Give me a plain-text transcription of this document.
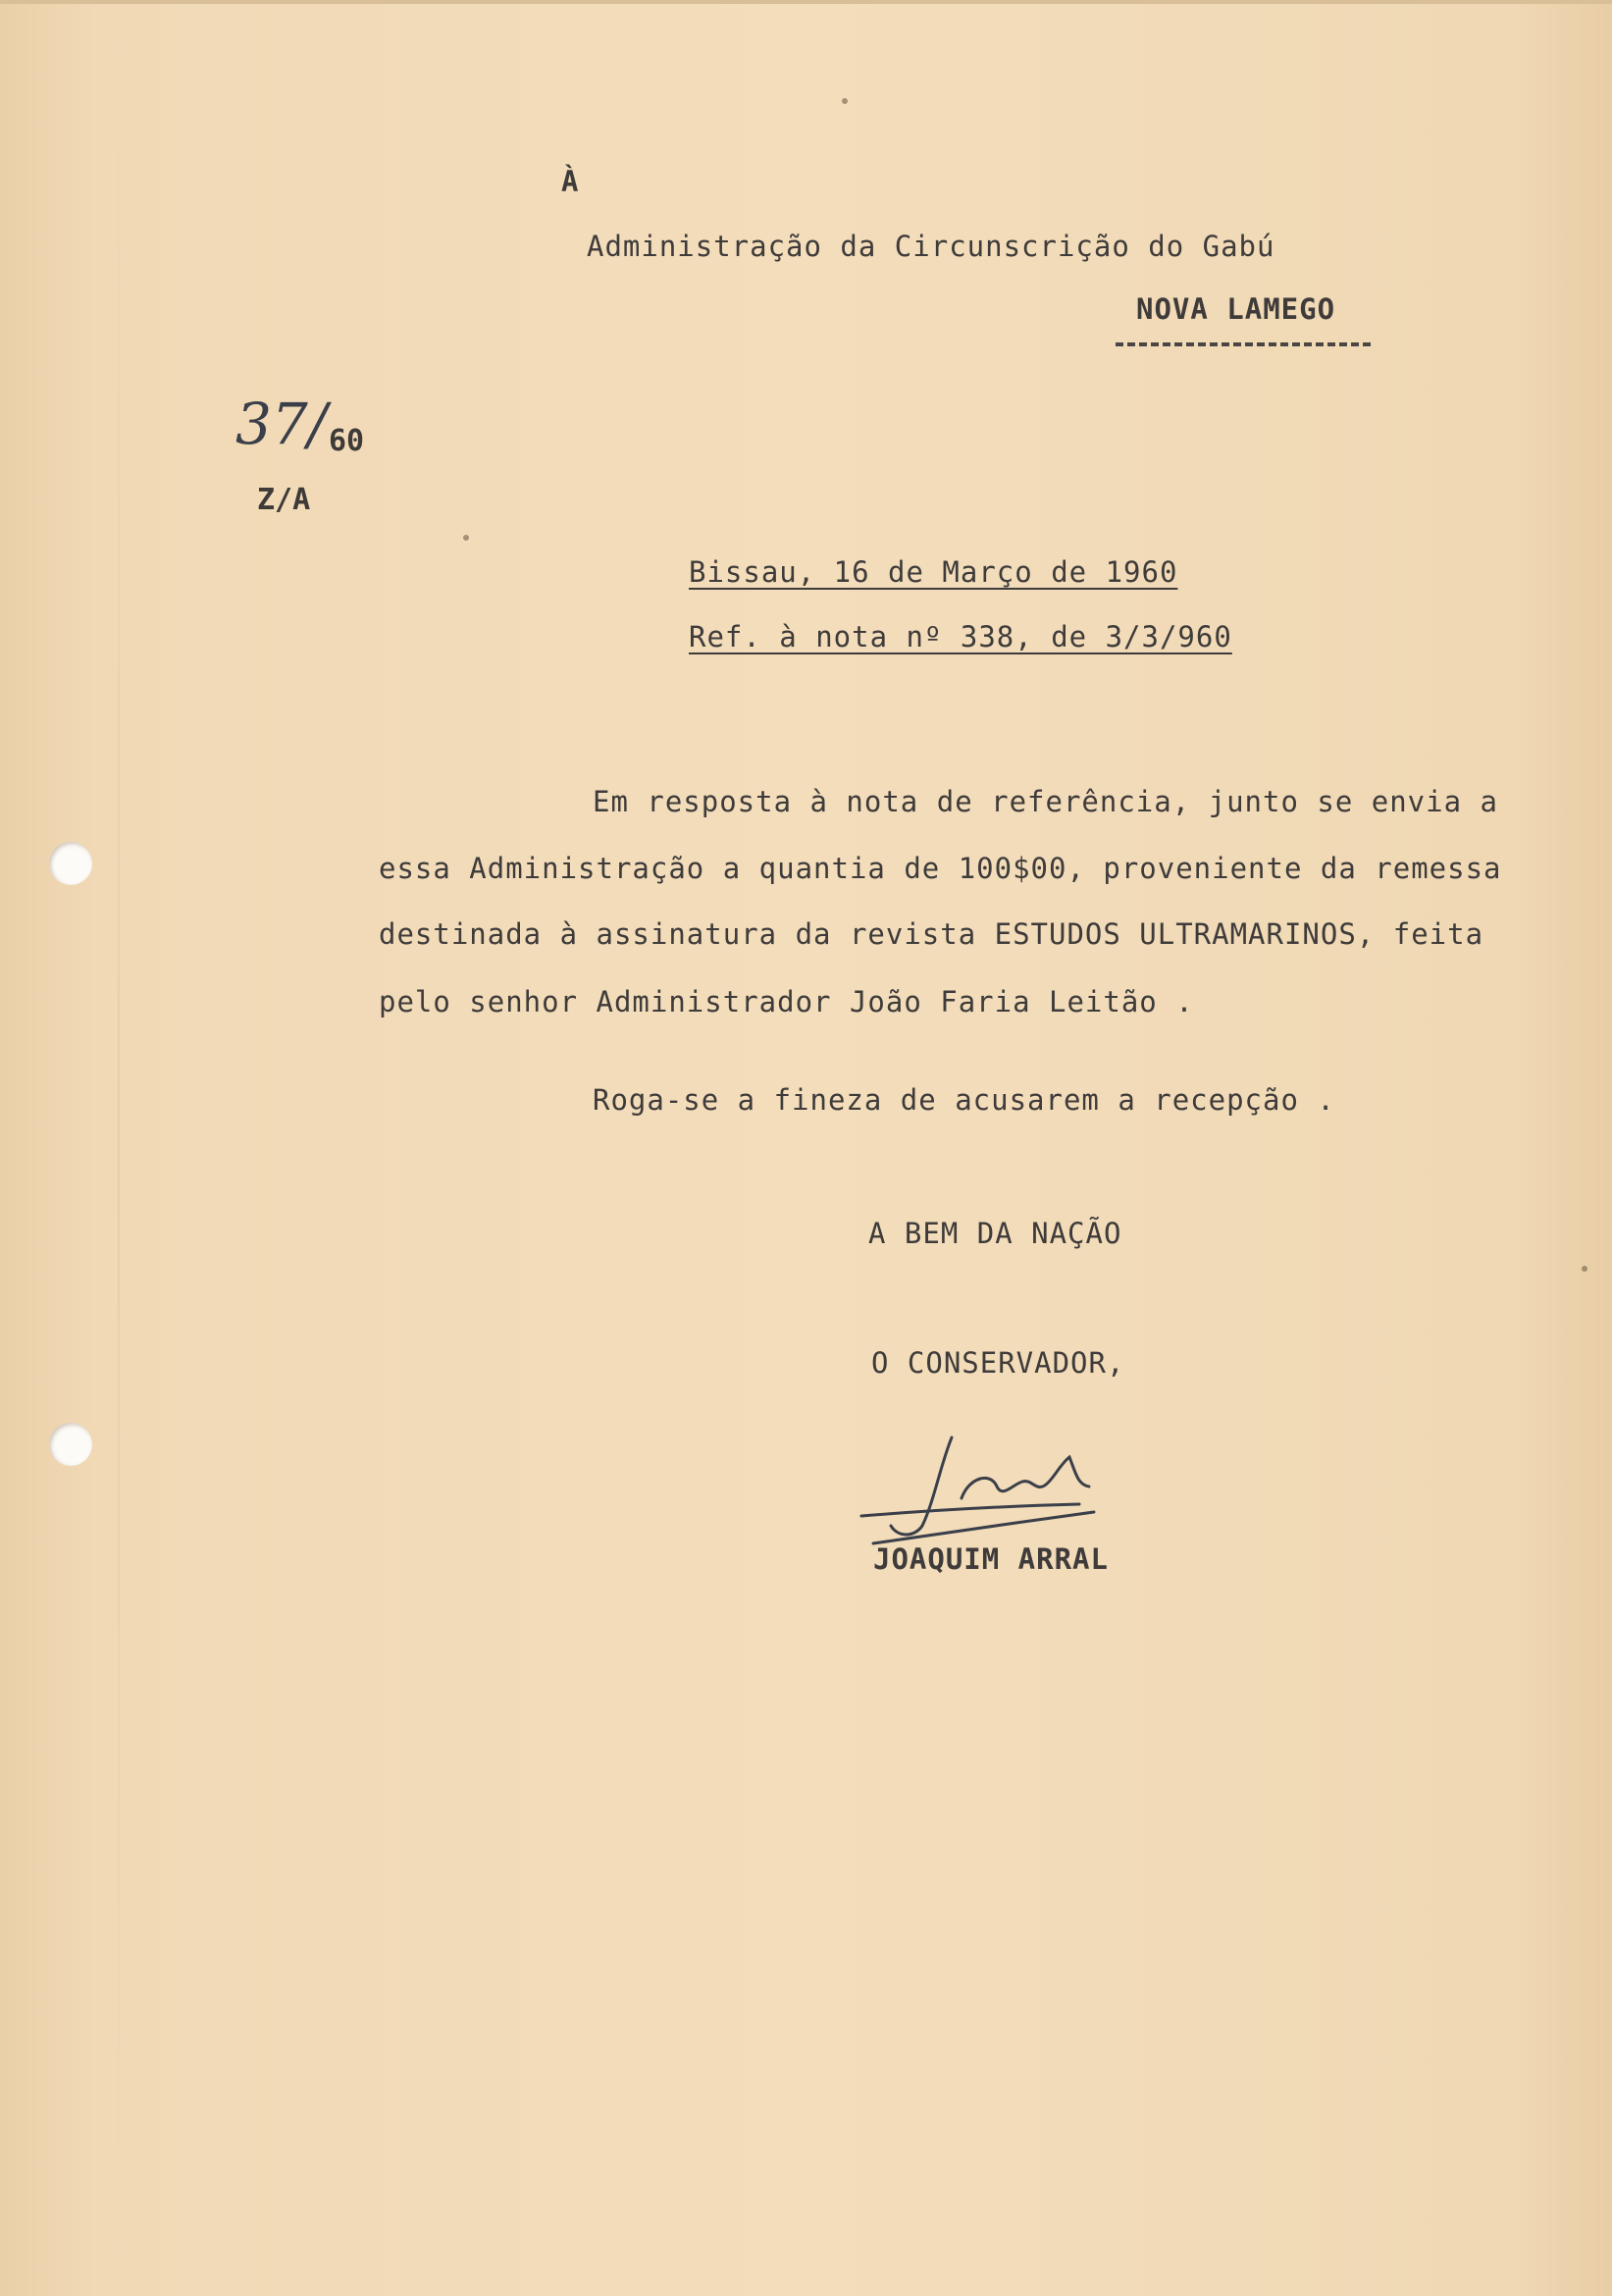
À
Administração da Circunscrição do Gabú
NOVA LAMEGO
37/ 60
Z/A
Bissau, 16 de Março de 1960
Ref. à nota nº 338, de 3/3/960
Em resposta à nota de referência, junto se envia a
essa Administração a quantia de 100$00, proveniente da remessa
destinada à assinatura da revista ESTUDOS ULTRAMARINOS, feita
pelo senhor Administrador João Faria Leitão .
Roga-se a fineza de acusarem a recepção .
A BEM DA NAÇÃO
O CONSERVADOR,
JOAQUIM ARRAL
